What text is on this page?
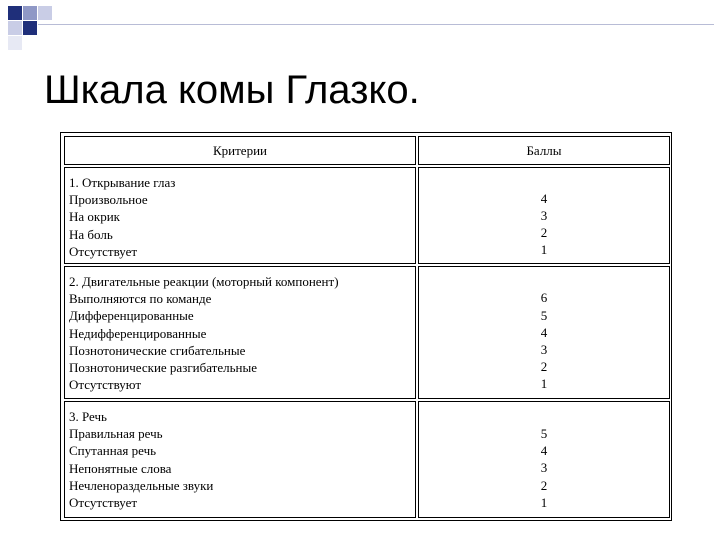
Шкала комы Глазко.
Критерии	Баллы
1. Открывание глаз
Произвольное
На окрик
На боль
Отсутствует
4
3
2
1
2. Двигательные реакции (моторный компонент)
Выполняются по команде
Дифференцированные
Недифференцированные
Познотонические сгибательные
Познотонические разгибательные
Отсутствуют
6
5
4
3
2
1
3. Речь
Правильная речь
Спутанная речь
Непонятные слова
Нечленораздельные звуки
Отсутствует
5
4
3
2
1
